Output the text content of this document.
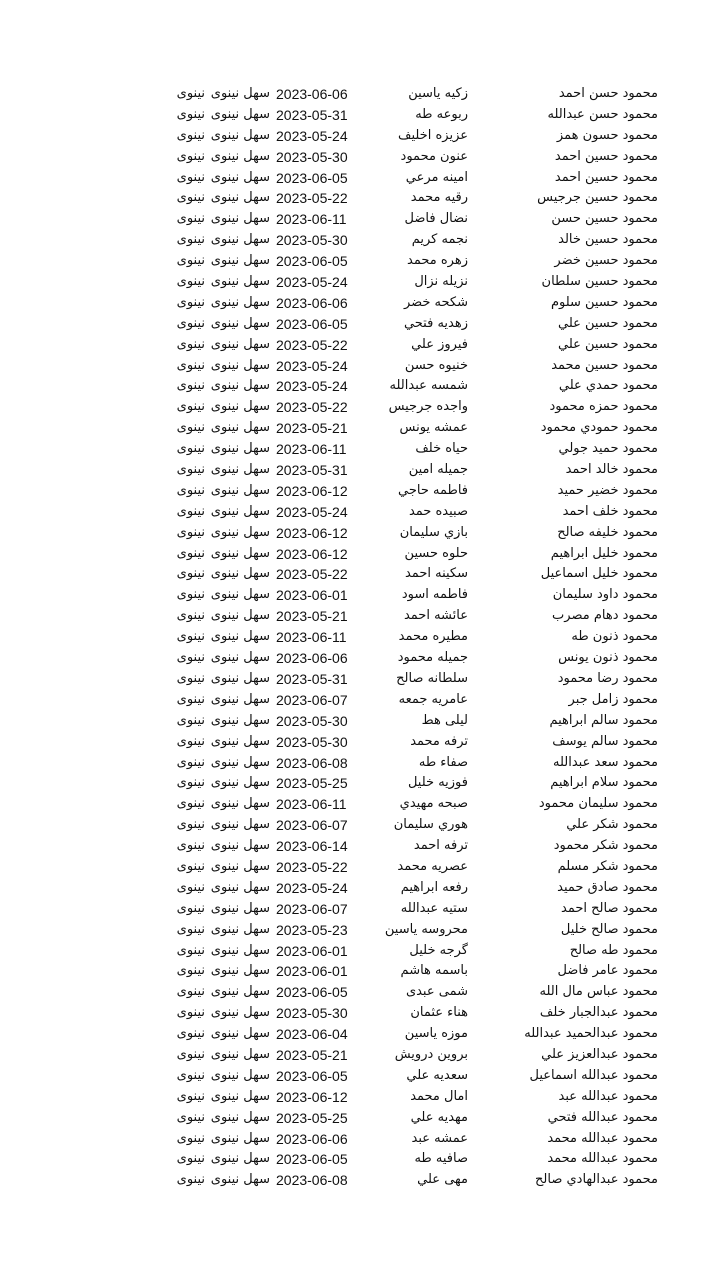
محمود حسن احمد
زكيه ياسين
2023-06-06
سهل نينوى
نينوى
محمود حسن عبدالله
ربوعه طه
2023-05-31
سهل نينوى
نينوى
محمود حسون همز
عزيزه اخليف
2023-05-24
سهل نينوى
نينوى
محمود حسين احمد
عنون محمود
2023-05-30
سهل نينوى
نينوى
محمود حسين احمد
امينه مرعي
2023-06-05
سهل نينوى
نينوى
محمود حسين جرجيس
رقيه محمد
2023-05-22
سهل نينوى
نينوى
محمود حسين حسن
نضال فاضل
2023-06-11
سهل نينوى
نينوى
محمود حسين خالد
نجمه كريم
2023-05-30
سهل نينوى
نينوى
محمود حسين خضر
زهره محمد
2023-06-05
سهل نينوى
نينوى
محمود حسين سلطان
نزيله نزال
2023-05-24
سهل نينوى
نينوى
محمود حسين سلوم
شكحه خضر
2023-06-06
سهل نينوى
نينوى
محمود حسين علي
زهديه فتحي
2023-06-05
سهل نينوى
نينوى
محمود حسين علي
فيروز علي
2023-05-22
سهل نينوى
نينوى
محمود حسين محمد
خنيوه حسن
2023-05-24
سهل نينوى
نينوى
محمود حمدي علي
شمسه عبدالله
2023-05-24
سهل نينوى
نينوى
محمود حمزه محمود
واجده جرجيس
2023-05-22
سهل نينوى
نينوى
محمود حمودي محمود
عمشه يونس
2023-05-21
سهل نينوى
نينوى
محمود حميد جولي
حياه خلف
2023-06-11
سهل نينوى
نينوى
محمود خالد احمد
جميله امين
2023-05-31
سهل نينوى
نينوى
محمود خضير حميد
فاطمه حاجي
2023-06-12
سهل نينوى
نينوى
محمود خلف احمد
صبيده حمد
2023-05-24
سهل نينوى
نينوى
محمود خليفه صالح
بازي سليمان
2023-06-12
سهل نينوى
نينوى
محمود خليل ابراهيم
حلوه حسين
2023-06-12
سهل نينوى
نينوى
محمود خليل اسماعيل
سكينه احمد
2023-05-22
سهل نينوى
نينوى
محمود داود سليمان
فاطمه اسود
2023-06-01
سهل نينوى
نينوى
محمود دهام مصرب
عائشه احمد
2023-05-21
سهل نينوى
نينوى
محمود ذنون طه
مطيره محمد
2023-06-11
سهل نينوى
نينوى
محمود ذنون يونس
جميله محمود
2023-06-06
سهل نينوى
نينوى
محمود رضا محمود
سلطانه صالح
2023-05-31
سهل نينوى
نينوى
محمود زامل جبر
عامريه جمعه
2023-06-07
سهل نينوى
نينوى
محمود سالم ابراهيم
ليلى هط
2023-05-30
سهل نينوى
نينوى
محمود سالم يوسف
ترفه محمد
2023-05-30
سهل نينوى
نينوى
محمود سعد عبدالله
صفاء طه
2023-06-08
سهل نينوى
نينوى
محمود سلام ابراهيم
فوزيه خليل
2023-05-25
سهل نينوى
نينوى
محمود سليمان محمود
صبحه مهيدي
2023-06-11
سهل نينوى
نينوى
محمود شكر علي
هوري سليمان
2023-06-07
سهل نينوى
نينوى
محمود شكر محمود
ترفه احمد
2023-06-14
سهل نينوى
نينوى
محمود شكر مسلم
عصريه محمد
2023-05-22
سهل نينوى
نينوى
محمود صادق حميد
رفعه ابراهيم
2023-05-24
سهل نينوى
نينوى
محمود صالح احمد
ستيه عبدالله
2023-06-07
سهل نينوى
نينوى
محمود صالح خليل
محروسه ياسين
2023-05-23
سهل نينوى
نينوى
محمود طه صالح
گرجه خليل
2023-06-01
سهل نينوى
نينوى
محمود عامر فاضل
باسمه هاشم
2023-06-01
سهل نينوى
نينوى
محمود عباس مال الله
شمى عبدى
2023-06-05
سهل نينوى
نينوى
محمود عبدالجبار خلف
هناء عثمان
2023-05-30
سهل نينوى
نينوى
محمود عبدالحميد عبدالله
موزه ياسين
2023-06-04
سهل نينوى
نينوى
محمود عبدالعزيز علي
بروين درويش
2023-05-21
سهل نينوى
نينوى
محمود عبدالله اسماعيل
سعديه علي
2023-06-05
سهل نينوى
نينوى
محمود عبدالله عبد
امال محمد
2023-06-12
سهل نينوى
نينوى
محمود عبدالله فتحي
مهديه علي
2023-05-25
سهل نينوى
نينوى
محمود عبدالله محمد
عمشه عبد
2023-06-06
سهل نينوى
نينوى
محمود عبدالله محمد
صافيه طه
2023-06-05
سهل نينوى
نينوى
محمود عبدالهادي صالح
مهى علي
2023-06-08
سهل نينوى
نينوى
